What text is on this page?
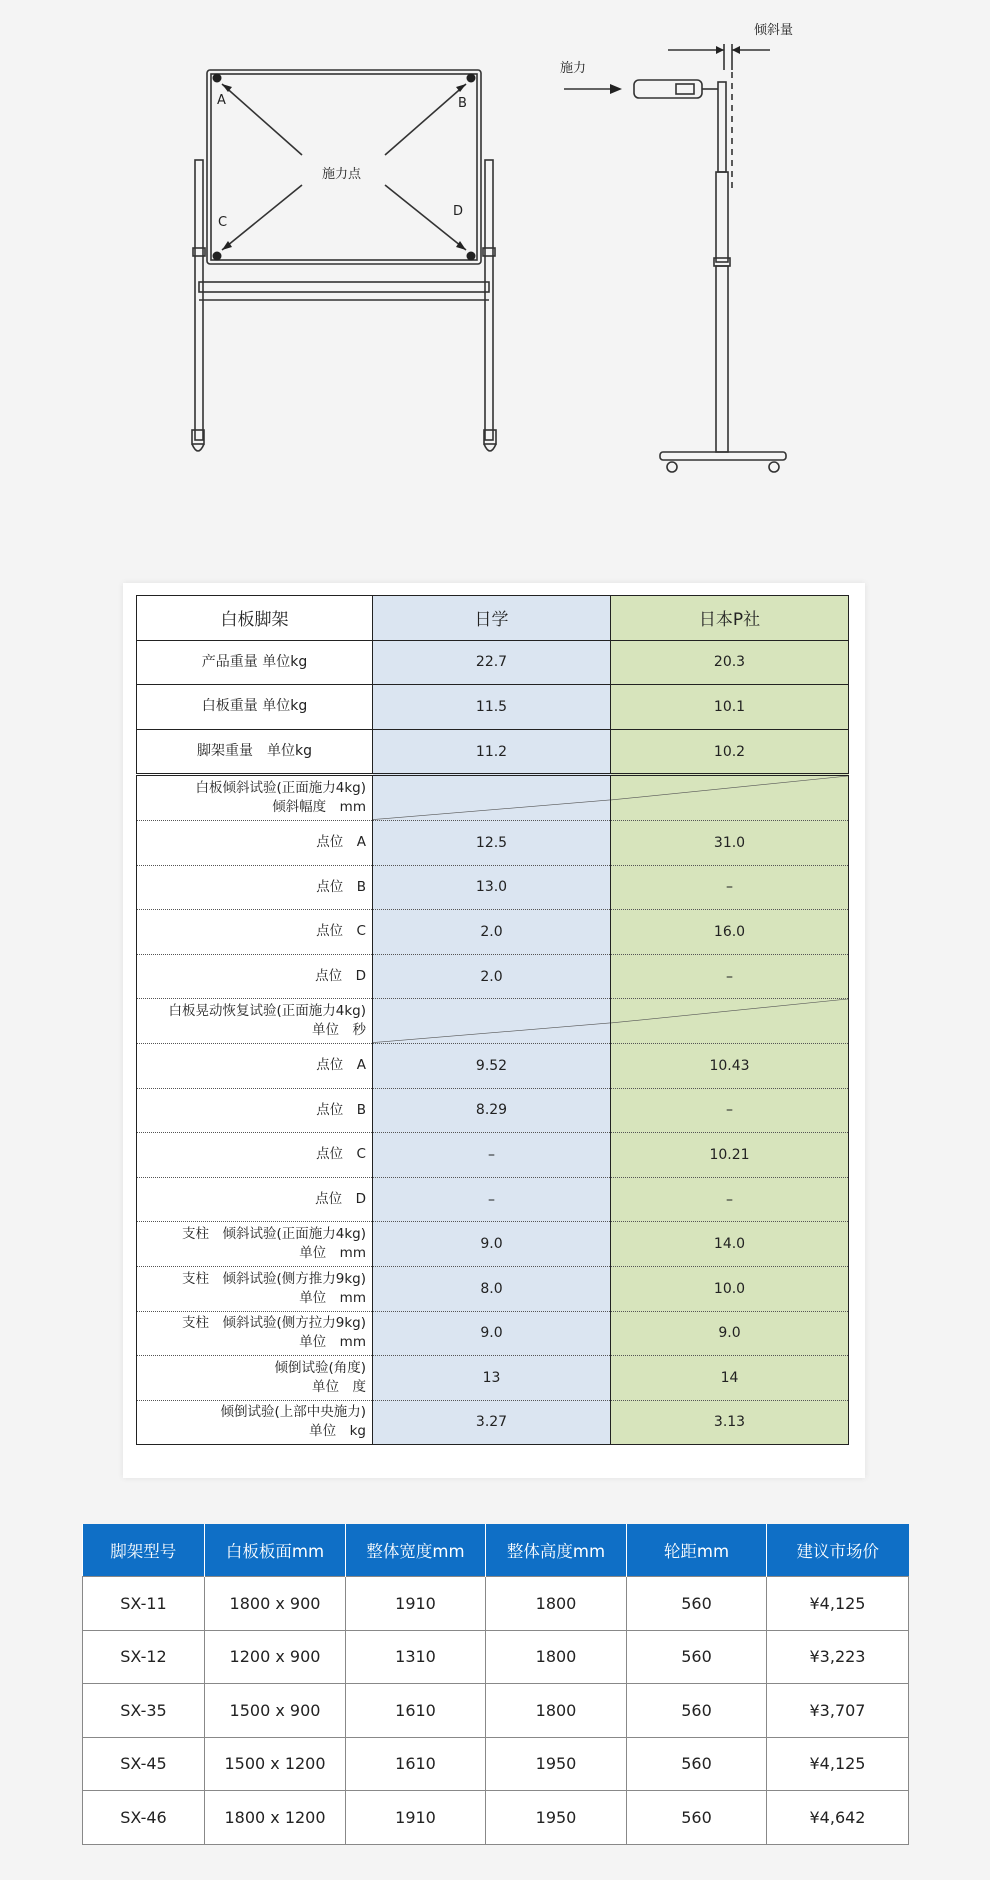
A	B
C
D
施力点
施力
倾斜量
白板脚架	日学	日本P社
产品重量 单位kg	22.7	20.3
白板重量 单位kg	11.5	10.1
脚架重量　单位kg	11.2	10.2

白板倾斜试验(正面施力4kg)
倾斜幅度　mm

点位　A	12.5	31.0
点位　B	13.0	–
点位　C	2.0	16.0
点位　D	2.0	–

白板晃动恢复试验(正面施力4kg)
单位　秒

点位　A	9.52	10.43
点位　B	8.29	–
点位　C	–	10.21
点位　D	–	–

支柱　倾斜试验(正面施力4kg)
单位　mm	9.0	14.0

支柱　倾斜试验(侧方推力9kg)
单位　mm	8.0	10.0

支柱　倾斜试验(侧方拉力9kg)
单位　mm	9.0	9.0

倾倒试验(角度)
单位　度	13	14

倾倒试验(上部中央施力)
单位　kg	3.27	3.13
脚架型号	白板板面mm	整体宽度mm	整体高度mm	轮距mm	建议市场价
SX-11	1800 x 900	1910	1800	560	¥4,125
SX-12	1200 x 900	1310	1800	560	¥3,223
SX-35	1500 x 900	1610	1800	560	¥3,707
SX-45	1500 x 1200	1610	1950	560	¥4,125
SX-46	1800 x 1200	1910	1950	560	¥4,642
